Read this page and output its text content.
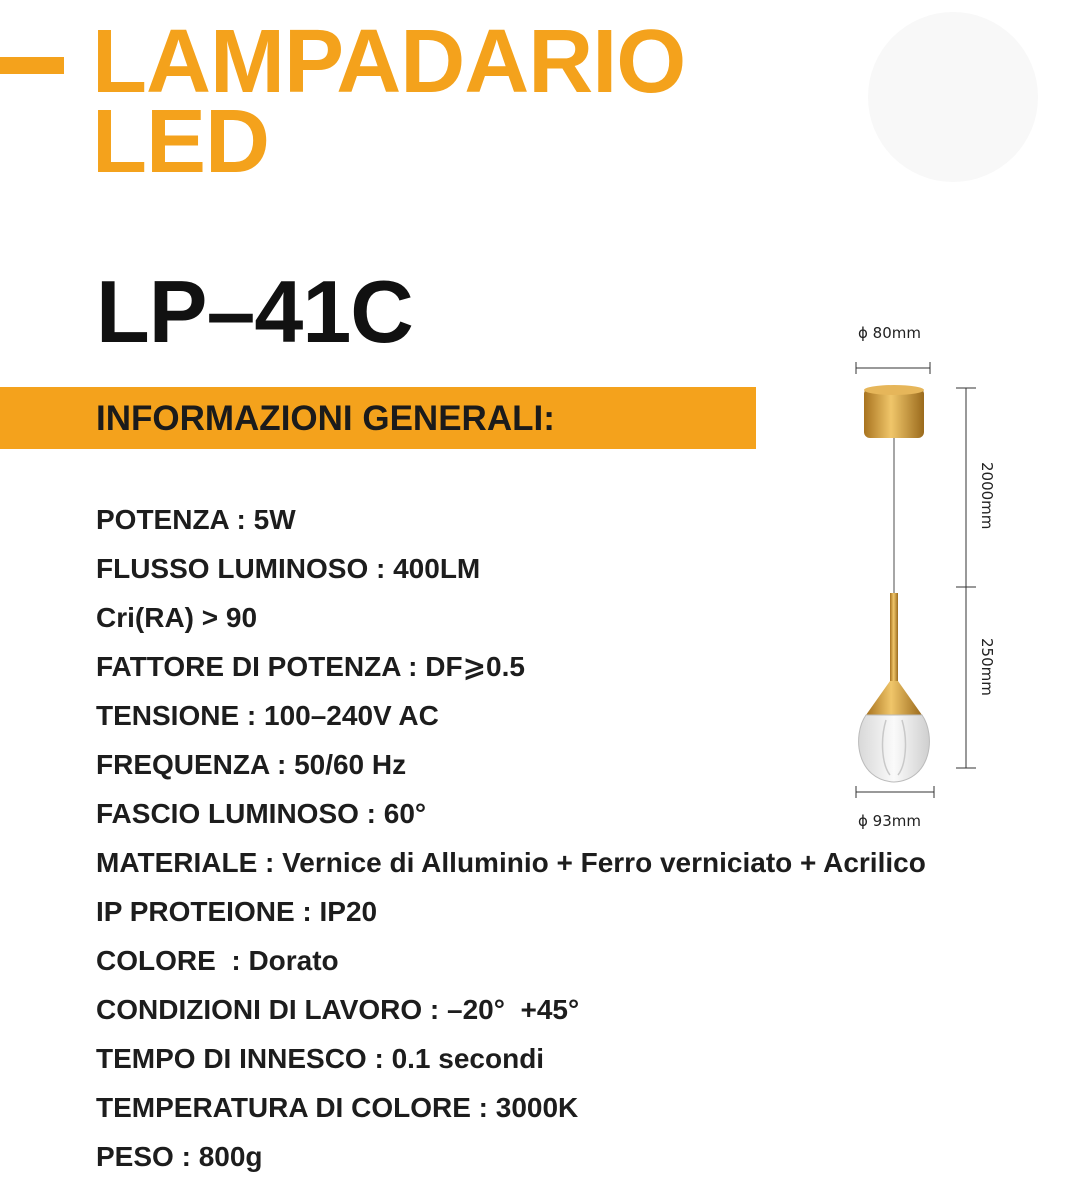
LAMPADARIO
LED
LP–41C
INFORMAZIONI GENERALI:
POTENZA : 5W
FLUSSO LUMINOSO : 400LM
Cri(RA) > 90
FATTORE DI POTENZA : DF⩾0.5
TENSIONE : 100–240V AC
FREQUENZA : 50/60 Hz
FASCIO LUMINOSO : 60°
MATERIALE : Vernice di Alluminio + Ferro verniciato + Acrilico
IP PROTEIONE : IP20
COLORE  : Dorato
CONDIZIONI DI LAVORO : –20°  +45°
TEMPO DI INNESCO : 0.1 secondi
TEMPERATURA DI COLORE : 3000K
PESO : 800g
ϕ 80mm
2000mm
250mm
ϕ 93mm
